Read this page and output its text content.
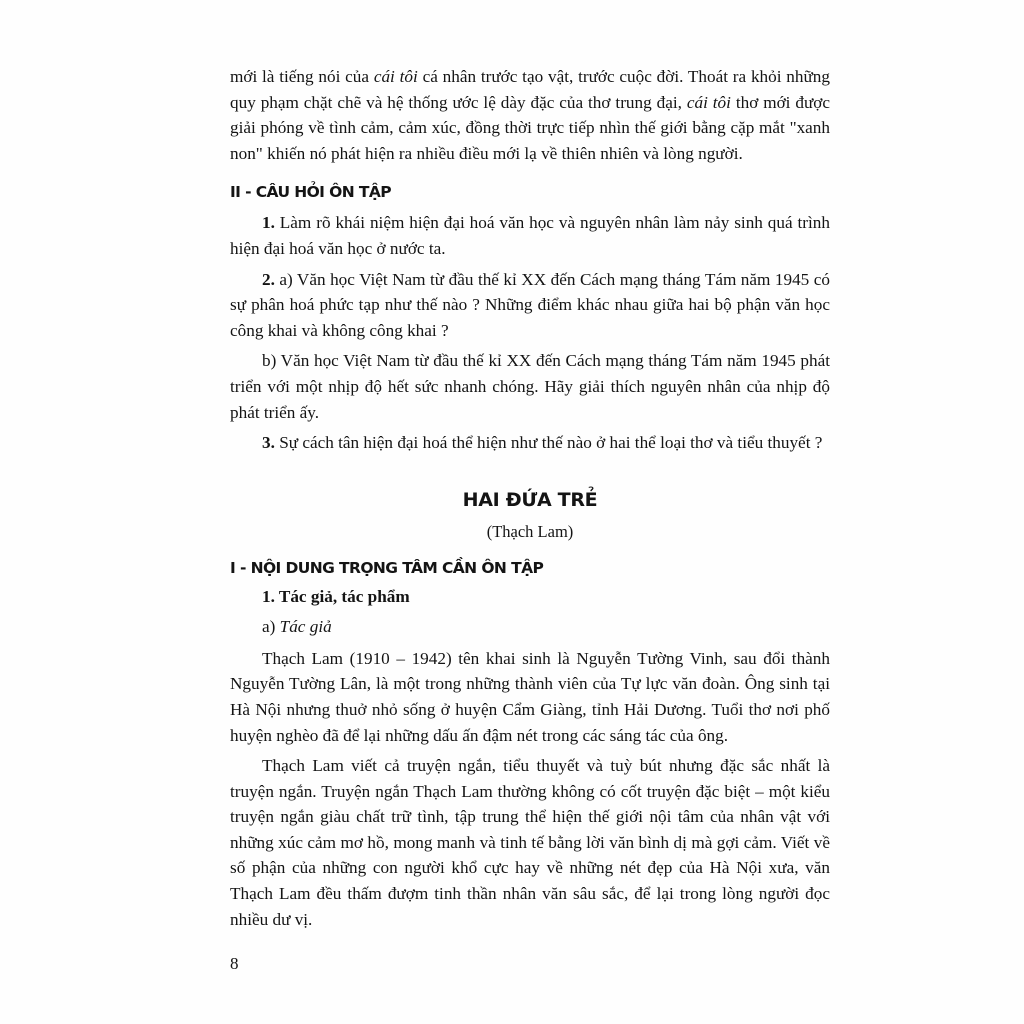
mới là tiếng nói của cái tôi cá nhân trước tạo vật, trước cuộc đời. Thoát ra khỏi những quy phạm chặt chẽ và hệ thống ước lệ dày đặc của thơ trung đại, cái tôi thơ mới được giải phóng về tình cảm, cảm xúc, đồng thời trực tiếp nhìn thế giới bằng cặp mắt "xanh non" khiến nó phát hiện ra nhiều điều mới lạ về thiên nhiên và lòng người.

II - CÂU HỎI ÔN TẬP

1. Làm rõ khái niệm hiện đại hoá văn học và nguyên nhân làm nảy sinh quá trình hiện đại hoá văn học ở nước ta.

2. a) Văn học Việt Nam từ đầu thế kỉ XX đến Cách mạng tháng Tám năm 1945 có sự phân hoá phức tạp như thế nào ? Những điểm khác nhau giữa hai bộ phận văn học công khai và không công khai ?

b) Văn học Việt Nam từ đầu thế kỉ XX đến Cách mạng tháng Tám năm 1945 phát triển với một nhịp độ hết sức nhanh chóng. Hãy giải thích nguyên nhân của nhịp độ phát triển ấy.

3. Sự cách tân hiện đại hoá thể hiện như thế nào ở hai thể loại thơ và tiểu thuyết ?

HAI ĐỨA TRẺ
(Thạch Lam)
I - NỘI DUNG TRỌNG TÂM CẦN ÔN TẬP

1. Tác giả, tác phẩm

a) Tác giả

Thạch Lam (1910 – 1942) tên khai sinh là Nguyễn Tường Vinh, sau đổi thành Nguyễn Tường Lân, là một trong những thành viên của Tự lực văn đoàn. Ông sinh tại Hà Nội nhưng thuở nhỏ sống ở huyện Cẩm Giàng, tỉnh Hải Dương. Tuổi thơ nơi phố huyện nghèo đã để lại những dấu ấn đậm nét trong các sáng tác của ông.

Thạch Lam viết cả truyện ngắn, tiểu thuyết và tuỳ bút nhưng đặc sắc nhất là truyện ngắn. Truyện ngắn Thạch Lam thường không có cốt truyện đặc biệt – một kiểu truyện ngắn giàu chất trữ tình, tập trung thể hiện thế giới nội tâm của nhân vật với những xúc cảm mơ hồ, mong manh và tinh tế bằng lời văn bình dị mà gợi cảm. Viết về số phận của những con người khổ cực hay về những nét đẹp của Hà Nội xưa, văn Thạch Lam đều thấm đượm tinh thần nhân văn sâu sắc, để lại trong lòng người đọc nhiều dư vị.

8
